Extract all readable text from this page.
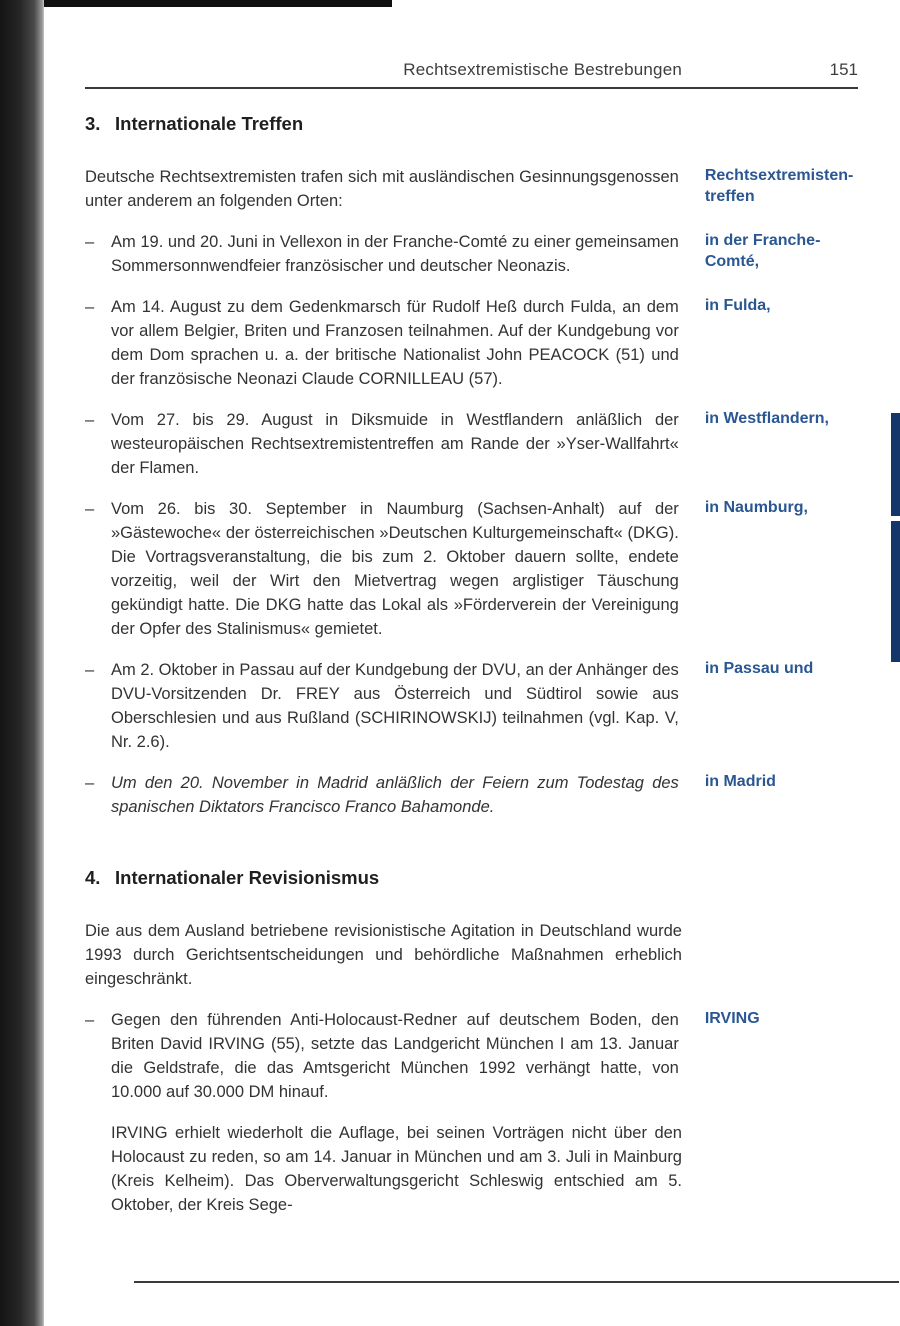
Rechtsextremistische Bestrebungen	151
3. Internationale Treffen

Deutsche Rechtsextremisten trafen sich mit ausländischen Gesinnungsgenossen unter anderem an folgenden Orten:

Rechtsextremisten-treffen
–	Am 19. und 20. Juni in Vellexon in der Franche-Comté zu einer gemeinsamen Sommersonnwendfeier französischer und deutscher Neonazis.

in der Franche-Comté,
–	Am 14. August zu dem Gedenkmarsch für Rudolf Heß durch Fulda, an dem vor allem Belgier, Briten und Franzosen teilnahmen. Auf der Kundgebung vor dem Dom sprachen u. a. der britische Nationalist John PEACOCK (51) und der französische Neonazi Claude CORNILLEAU (57).

in Fulda,
–	Vom 27. bis 29. August in Diksmuide in Westflandern anläßlich der westeuropäischen Rechtsextremistentreffen am Rande der »Yser-Wallfahrt« der Flamen.

in Westflandern,
–	Vom 26. bis 30. September in Naumburg (Sachsen-Anhalt) auf der »Gästewoche« der österreichischen »Deutschen Kulturgemeinschaft« (DKG). Die Vortragsveranstaltung, die bis zum 2. Oktober dauern sollte, endete vorzeitig, weil der Wirt den Mietvertrag wegen arglistiger Täuschung gekündigt hatte. Die DKG hatte das Lokal als »Förderverein der Vereinigung der Opfer des Stalinismus« gemietet.

in Naumburg,
–	Am 2. Oktober in Passau auf der Kundgebung der DVU, an der Anhänger des DVU-Vorsitzenden Dr. FREY aus Österreich und Südtirol sowie aus Oberschlesien und aus Rußland (SCHIRINOWSKIJ) teilnahmen (vgl. Kap. V, Nr. 2.6).

in Passau und
–	Um den 20. November in Madrid anläßlich der Feiern zum Todestag des spanischen Diktators Francisco Franco Bahamonde.

in Madrid
4. Internationaler Revisionismus

Die aus dem Ausland betriebene revisionistische Agitation in Deutschland wurde 1993 durch Gerichtsentscheidungen und behördliche Maßnahmen erheblich eingeschränkt.

–	Gegen den führenden Anti-Holocaust-Redner auf deutschem Boden, den Briten David IRVING (55), setzte das Landgericht München I am 13. Januar die Geldstrafe, die das Amtsgericht München 1992 verhängt hatte, von 10.000 auf 30.000 DM hinauf.

IRVING

IRVING erhielt wiederholt die Auflage, bei seinen Vorträgen nicht über den Holocaust zu reden, so am 14. Januar in München und am 3. Juli in Mainburg (Kreis Kelheim). Das Oberverwaltungsgericht Schleswig entschied am 5. Oktober, der Kreis Sege-
